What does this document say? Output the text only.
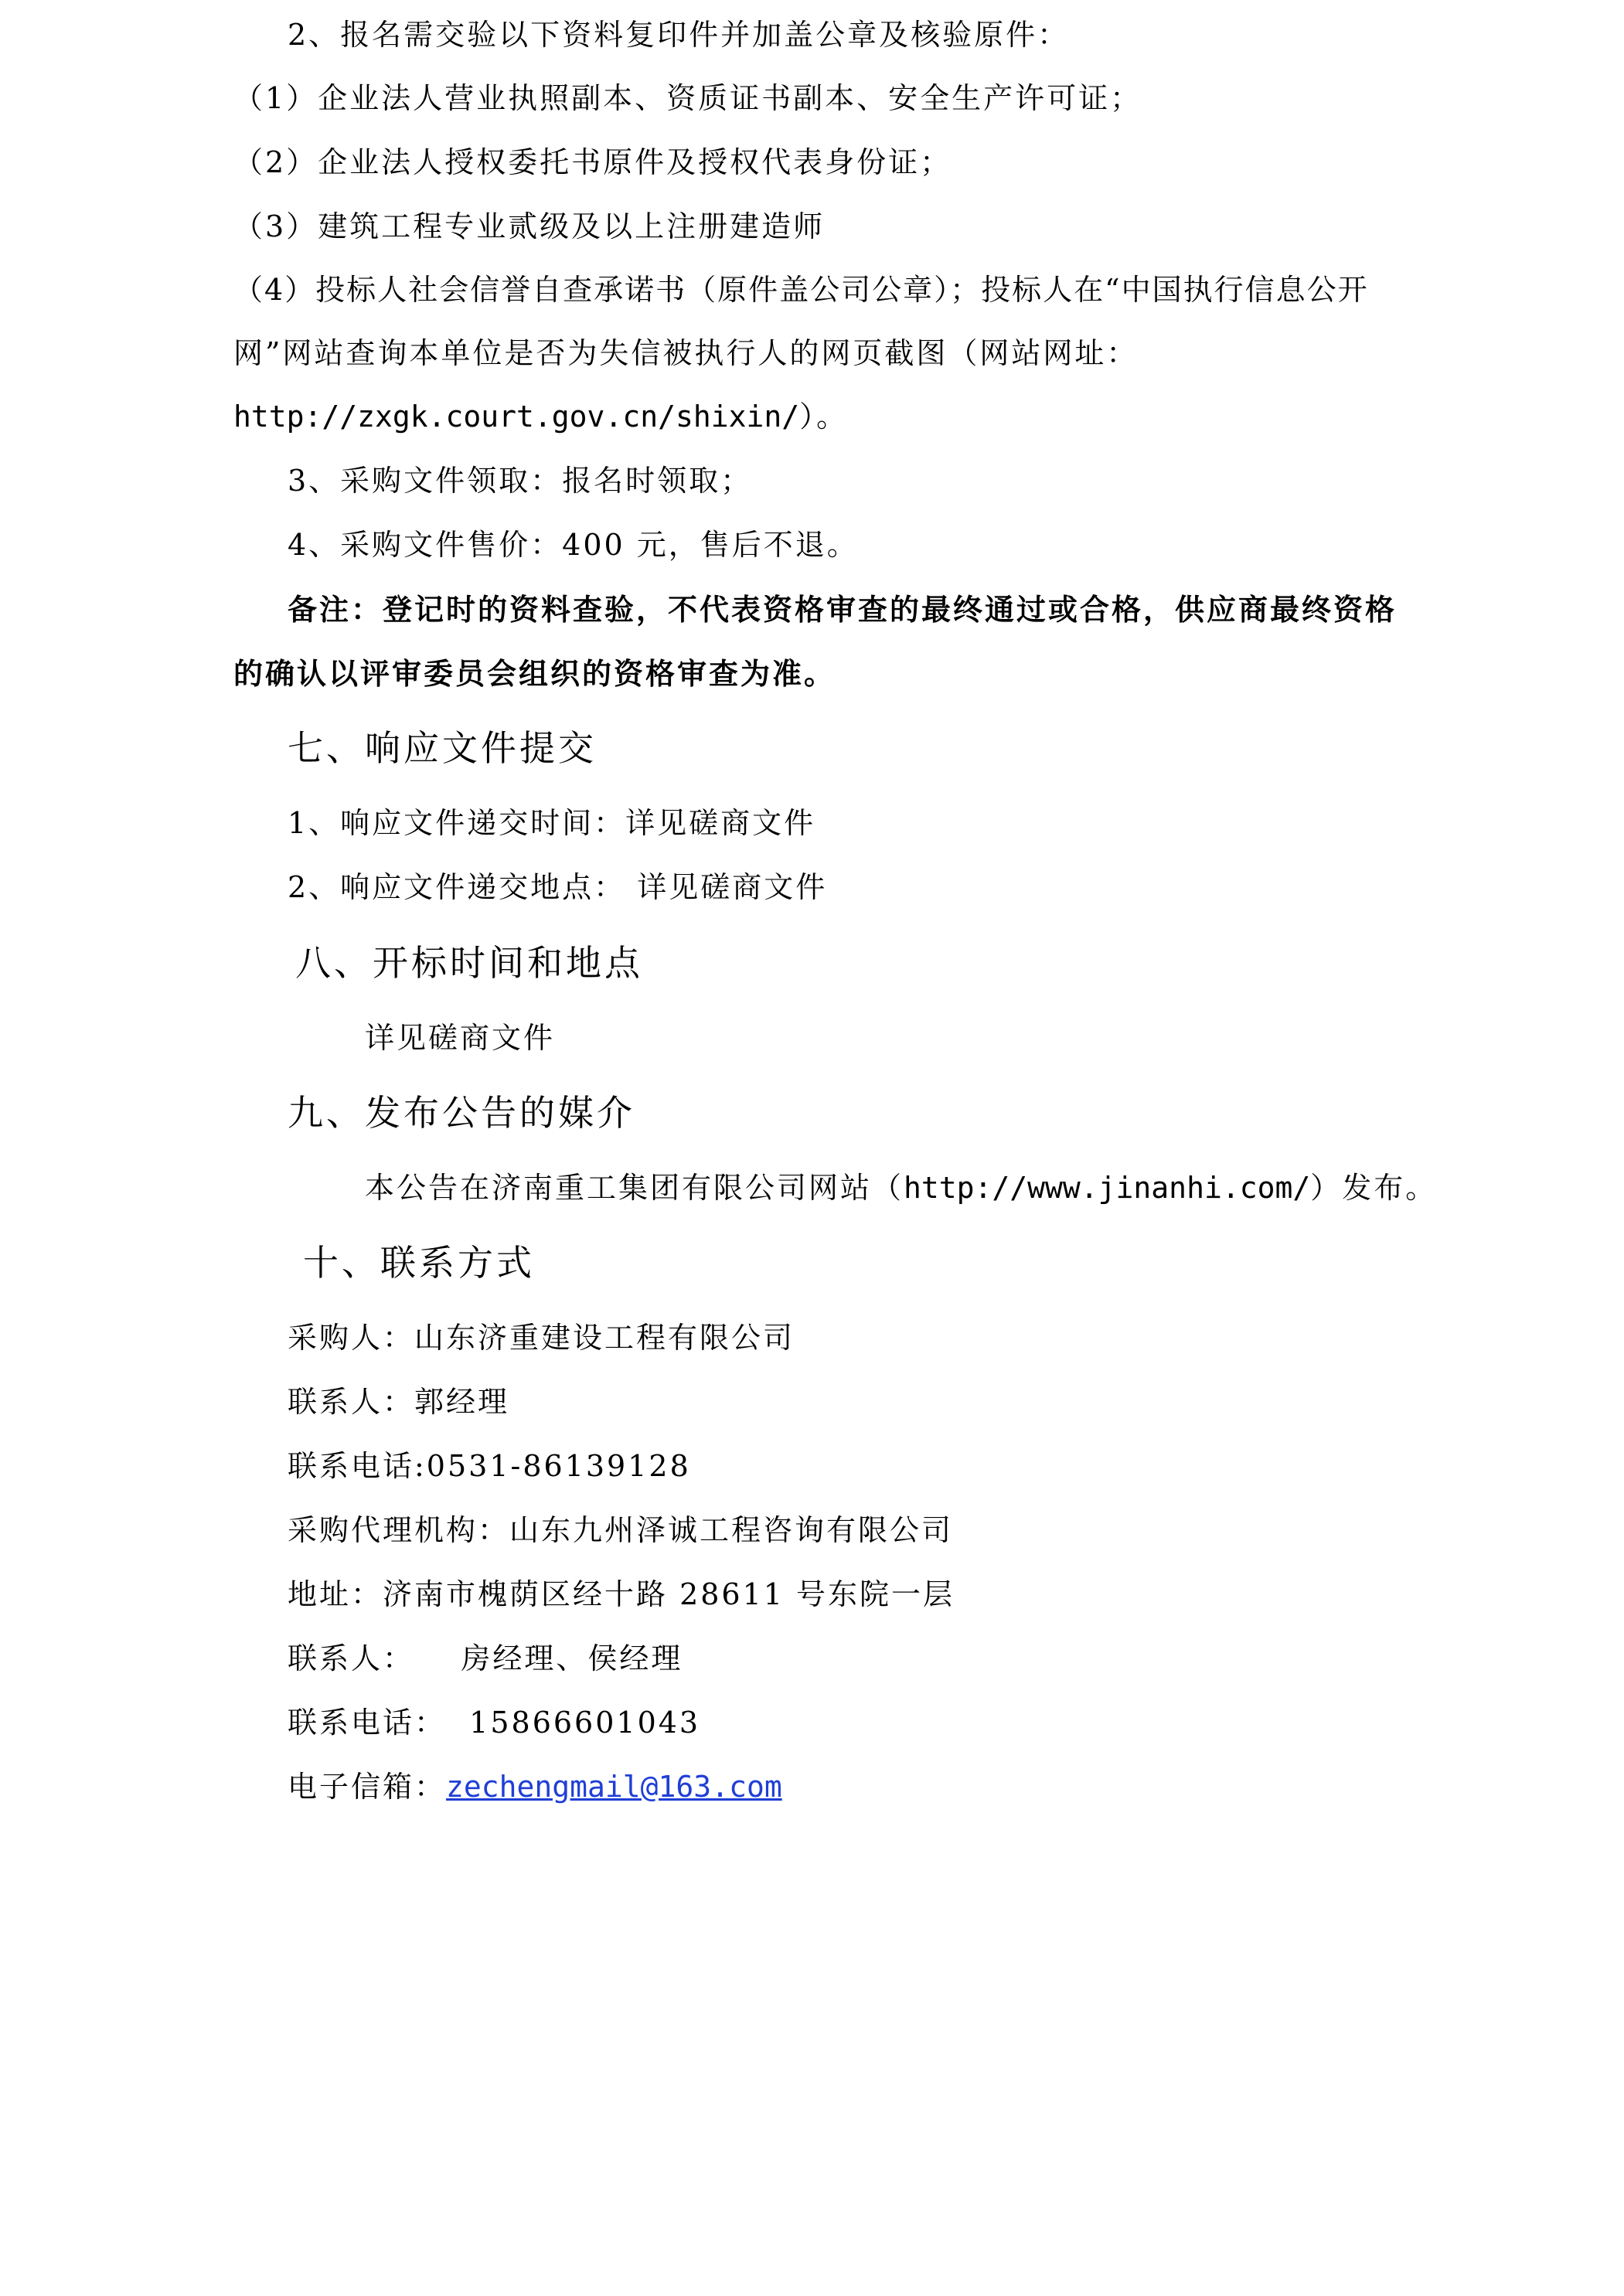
2、报名需交验以下资料复印件并加盖公章及核验原件：
（1）企业法人营业执照副本、资质证书副本、安全生产许可证；
（2）企业法人授权委托书原件及授权代表身份证；
（3）建筑工程专业贰级及以上注册建造师
（4）投标人社会信誉自查承诺书（原件盖公司公章）；投标人在“中国执行信息公开
网”网站查询本单位是否为失信被执行人的网页截图（网站网址：
http://zxgk.court.gov.cn/shixin/）。
3、采购文件领取：报名时领取；
4、采购文件售价：400 元，售后不退。
备注：登记时的资料查验，不代表资格审查的最终通过或合格，供应商最终资格
的确认以评审委员会组织的资格审查为准。
七、响应文件提交
1、响应文件递交时间：详见磋商文件
2、响应文件递交地点： 详见磋商文件
八、开标时间和地点
详见磋商文件
九、发布公告的媒介
本公告在济南重工集团有限公司网站（http://www.jinanhi.com/）发布。
十、联系方式
采购人：山东济重建设工程有限公司
联系人：郭经理
联系电话:0531-86139128
采购代理机构：山东九州泽诚工程咨询有限公司
地址：济南市槐荫区经十路 28611 号东院一层
联系人：    房经理、侯经理
联系电话：  15866601043
电子信箱：zechengmail@163.com
